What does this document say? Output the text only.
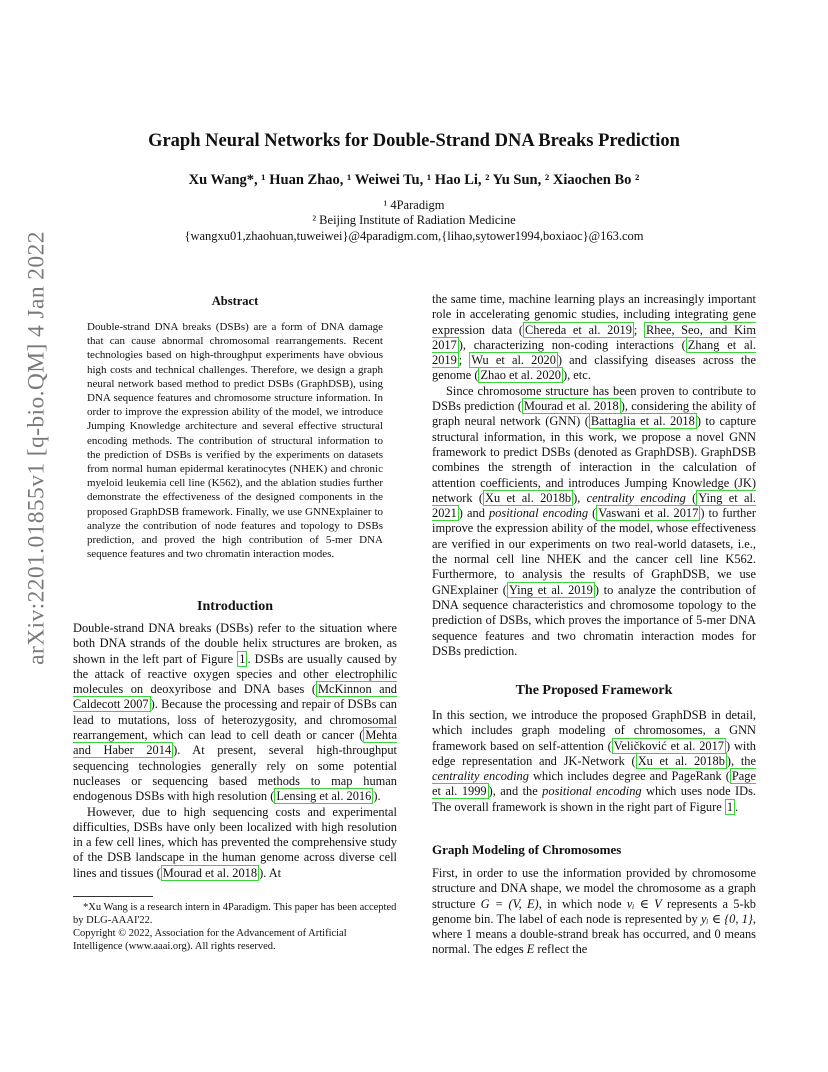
arXiv:2201.01855v1 [q-bio.QM] 4 Jan 2022
Graph Neural Networks for Double-Strand DNA Breaks Prediction
Xu Wang*, ¹ Huan Zhao, ¹ Weiwei Tu, ¹ Hao Li, ² Yu Sun, ² Xiaochen Bo ²
¹ 4Paradigm
² Beijing Institute of Radiation Medicine
{wangxu01,zhaohuan,tuweiwei}@4paradigm.com,{lihao,sytower1994,boxiaoc}@163.com
Abstract
Double-strand DNA breaks (DSBs) are a form of DNA damage that can cause abnormal chromosomal rearrangements. Recent technologies based on high-throughput experiments have obvious high costs and technical challenges. Therefore, we design a graph neural network based method to predict DSBs (GraphDSB), using DNA sequence features and chromosome structure information. In order to improve the expression ability of the model, we introduce Jumping Knowledge architecture and several effective structural encoding methods. The contribution of structural information to the prediction of DSBs is verified by the experiments on datasets from normal human epidermal keratinocytes (NHEK) and chronic myeloid leukemia cell line (K562), and the ablation studies further demonstrate the effectiveness of the designed components in the proposed GraphDSB framework. Finally, we use GNNExplainer to analyze the contribution of node features and topology to DSBs prediction, and proved the high contribution of 5-mer DNA sequence features and two chromatin interaction modes.
Introduction

Double-strand DNA breaks (DSBs) refer to the situation where both DNA strands of the double helix structures are broken, as shown in the left part of Figure 1 . DSBs are usually caused by the attack of reactive oxygen species and other electrophilic molecules on deoxyribose and DNA bases ( McKinnon and Caldecott 2007 ). Because the processing and repair of DSBs can lead to mutations, loss of heterozygosity, and chromosomal rearrangement, which can lead to cell death or cancer ( Mehta and Haber 2014 ). At present, several high-throughput sequencing technologies generally rely on some potential nucleases or sequencing based methods to map human endogenous DSBs with high resolution ( Lensing et al. 2016 ).

However, due to high sequencing costs and experimental difficulties, DSBs have only been localized with high resolution in a few cell lines, which has prevented the comprehensive study of the DSB landscape in the human genome across diverse cell lines and tissues ( Mourad et al. 2018 ). At

*Xu Wang is a research intern in 4Paradigm. This paper has been accepted by DLG-AAAI'22.
Copyright © 2022, Association for the Advancement of Artificial Intelligence (www.aaai.org). All rights reserved.

the same time, machine learning plays an increasingly important role in accelerating genomic studies, including integrating gene expression data ( Chereda et al. 2019 ; Rhee, Seo, and Kim 2017 ), characterizing non-coding interactions ( Zhang et al. 2019 ; Wu et al. 2020 ) and classifying diseases across the genome ( Zhao et al. 2020 ), etc.

Since chromosome structure has been proven to contribute to DSBs prediction ( Mourad et al. 2018 ), considering the ability of graph neural network (GNN) ( Battaglia et al. 2018 ) to capture structural information, in this work, we propose a novel GNN framework to predict DSBs (denoted as GraphDSB). GraphDSB combines the strength of interaction in the calculation of attention coefficients, and introduces Jumping Knowledge (JK) network ( Xu et al. 2018b ), centrality encoding ( Ying et al. 2021 ) and positional encoding ( Vaswani et al. 2017 ) to further improve the expression ability of the model, whose effectiveness are verified in our experiments on two real-world datasets, i.e., the normal cell line NHEK and the cancer cell line K562. Furthermore, to analysis the results of GraphDSB, we use GNExplainer ( Ying et al. 2019 ) to analyze the contribution of DNA sequence characteristics and chromosome topology to the prediction of DSBs, which proves the importance of 5-mer DNA sequence features and two chromatin interaction modes for DSBs prediction.

The Proposed Framework

In this section, we introduce the proposed GraphDSB in detail, which includes graph modeling of chromosomes, a GNN framework based on self-attention ( Veličković et al. 2017 ) with edge representation and JK-Network ( Xu et al. 2018b ), the centrality encoding which includes degree and PageRank ( Page et al. 1999 ), and the positional encoding which uses node IDs. The overall framework is shown in the right part of Figure 1 .

Graph Modeling of Chromosomes

First, in order to use the information provided by chromosome structure and DNA shape, we model the chromosome as a graph structure G = (V, E), in which node vᵢ ∈ V represents a 5-kb genome bin. The label of each node is represented by yᵢ ∈ {0, 1}, where 1 means a double-strand break has occurred, and 0 means normal. The edges E reflect the
